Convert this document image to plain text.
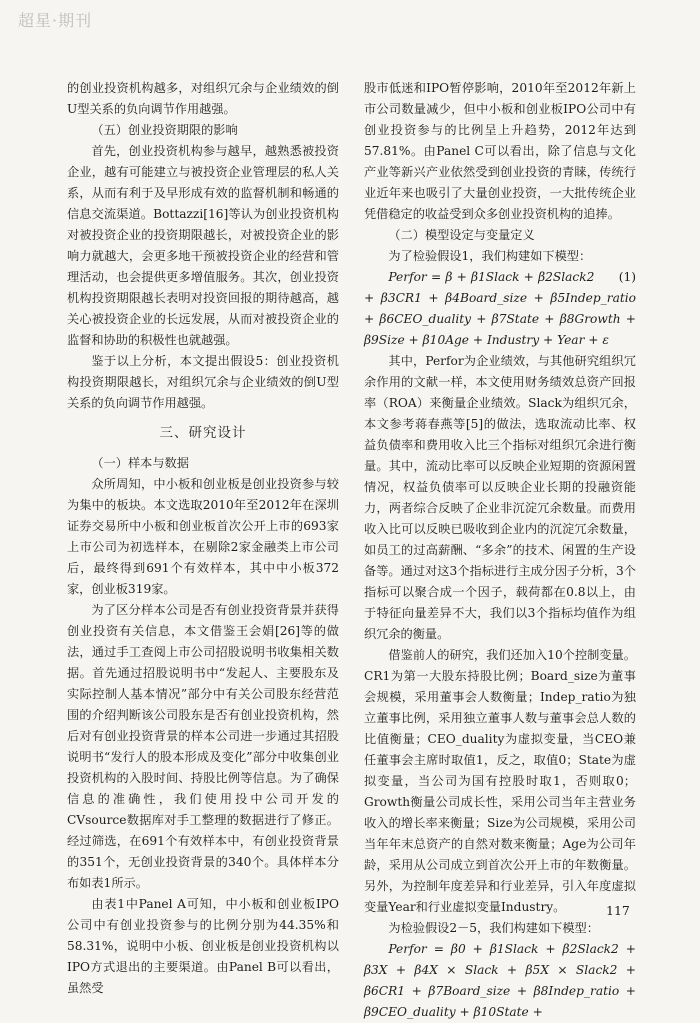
超星·期刊

的创业投资机构越多，对组织冗余与企业绩效的倒U型关系的负向调节作用越强。

（五）创业投资期限的影响

首先，创业投资机构参与越早，越熟悉被投资企业，越有可能建立与被投资企业管理层的私人关系，从而有利于及早形成有效的监督机制和畅通的信息交流渠道。Bottazzi[16]等认为创业投资机构对被投资企业的投资期限越长，对被投资企业的影响力就越大，会更多地干预被投资企业的经营和管理活动，也会提供更多增值服务。其次，创业投资机构投资期限越长表明对投资回报的期待越高，越关心被投资企业的长远发展，从而对被投资企业的监督和协助的积极性也就越强。

鉴于以上分析，本文提出假设5：创业投资机构投资期限越长，对组织冗余与企业绩效的倒U型关系的负向调节作用越强。

三、研究设计

（一）样本与数据

众所周知，中小板和创业板是创业投资参与较为集中的板块。本文选取2010年至2012年在深圳证券交易所中小板和创业板首次公开上市的693家上市公司为初选样本，在剔除2家金融类上市公司后，最终得到691个有效样本，其中中小板372家，创业板319家。

为了区分样本公司是否有创业投资背景并获得创业投资有关信息，本文借鉴王会娟[26]等的做法，通过手工查阅上市公司招股说明书收集相关数据。首先通过招股说明书中“发起人、主要股东及实际控制人基本情况”部分中有关公司股东经营范围的介绍判断该公司股东是否有创业投资机构，然后对有创业投资背景的样本公司进一步通过其招股说明书“发行人的股本形成及变化”部分中收集创业投资机构的入股时间、持股比例等信息。为了确保信息的准确性，我们使用投中公司开发的CVsource数据库对手工整理的数据进行了修正。经过筛选，在691个有效样本中，有创业投资背景的351个，无创业投资背景的340个。具体样本分布如表1所示。

由表1中Panel A可知，中小板和创业板IPO公司中有创业投资参与的比例分别为44.35%和58.31%，说明中小板、创业板是创业投资机构以IPO方式退出的主要渠道。由Panel B可以看出，虽然受

股市低迷和IPO暂停影响，2010年至2012年新上市公司数量减少，但中小板和创业板IPO公司中有创业投资参与的比例呈上升趋势，2012年达到57.81%。由Panel C可以看出，除了信息与文化产业等新兴产业依然受到创业投资的青睐，传统行业近年来也吸引了大量创业投资，一大批传统企业凭借稳定的收益受到众多创业投资机构的追捧。

（二）模型设定与变量定义

为了检验假设1，我们构建如下模型：

(1)
Perfor = β + β1Slack + β2Slack2 + β3CR1 + β4Board_size + β5Indep_ratio + β6CEO_duality + β7State + β8Growth + β9Size + β10Age + Industry + Year + ε

其中，Perfor为企业绩效，与其他研究组织冗余作用的文献一样，本文使用财务绩效总资产回报率（ROA）来衡量企业绩效。Slack为组织冗余，本文参考蒋春燕等[5]的做法，选取流动比率、权益负债率和费用收入比三个指标对组织冗余进行衡量。其中，流动比率可以反映企业短期的资源闲置情况，权益负债率可以反映企业长期的投融资能力，两者综合反映了企业非沉淀冗余数量。而费用收入比可以反映已吸收到企业内的沉淀冗余数量，如员工的过高薪酬、“多余”的技术、闲置的生产设备等。通过对这3个指标进行主成分因子分析，3个指标可以聚合成一个因子，载荷都在0.8以上，由于特征向量差异不大，我们以3个指标均值作为组织冗余的衡量。

借鉴前人的研究，我们还加入10个控制变量。CR1为第一大股东持股比例；Board_size为董事会规模，采用董事会人数衡量；Indep_ratio为独立董事比例，采用独立董事人数与董事会总人数的比值衡量；CEO_duality为虚拟变量，当CEO兼任董事会主席时取值1，反之，取值0；State为虚拟变量，当公司为国有控股时取1，否则取0；Growth衡量公司成长性，采用公司当年主营业务收入的增长率来衡量；Size为公司规模，采用公司当年年末总资产的自然对数来衡量；Age为公司年龄，采用从公司成立到首次公开上市的年数衡量。另外，为控制年度差异和行业差异，引入年度虚拟变量Year和行业虚拟变量Industry。

为检验假设2－5，我们构建如下模型：

Perfor = β0 + β1Slack + β2Slack2 + β3X + β4X × Slack + β5X × Slack2 + β6CR1 + β7Board_size + β8Indep_ratio + β9CEO_duality + β10State +

117
